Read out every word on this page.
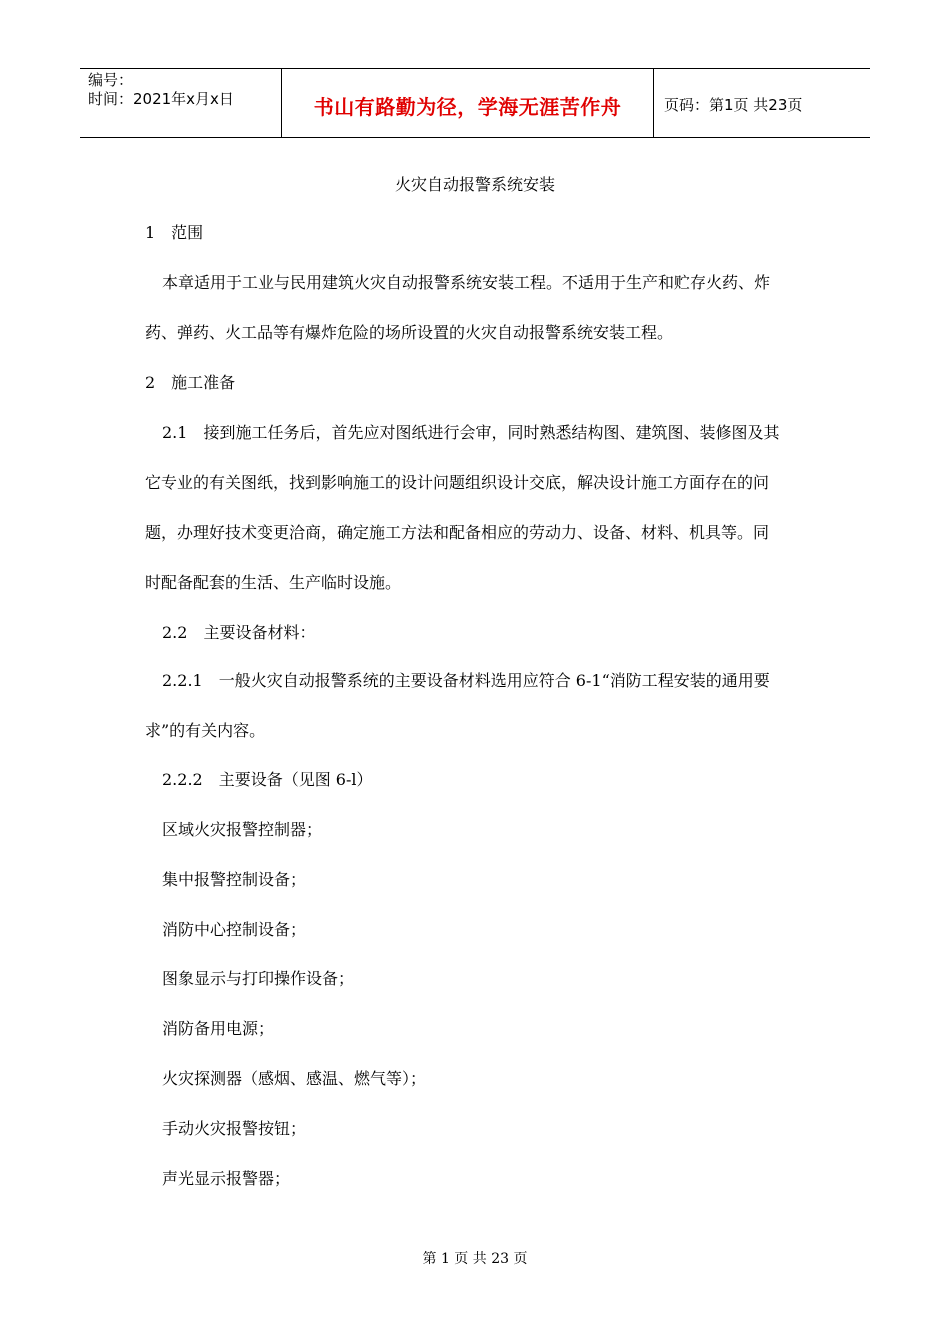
编号：
时间：2021年x月x日	书山有路勤为径，学海无涯苦作舟	页码：第1页 共23页
火灾自动报警系统安装
1　范围
本章适用于工业与民用建筑火灾自动报警系统安装工程。不适用于生产和贮存火药、炸
药、弹药、火工品等有爆炸危险的场所设置的火灾自动报警系统安装工程。
2　施工准备
2.1　接到施工任务后，首先应对图纸进行会审，同时熟悉结构图、建筑图、装修图及其
它专业的有关图纸，找到影响施工的设计问题组织设计交底，解决设计施工方面存在的问
题，办理好技术变更洽商，确定施工方法和配备相应的劳动力、设备、材料、机具等。同
时配备配套的生活、生产临时设施。
2.2　主要设备材料：
2.2.1　一般火灾自动报警系统的主要设备材料选用应符合 6-1“消防工程安装的通用要
求”的有关内容。
2.2.2　主要设备（见图 6-l）
区域火灾报警控制器；
集中报警控制设备；
消防中心控制设备；
图象显示与打印操作设备；
消防备用电源；
火灾探测器（感烟、感温、燃气等）；
手动火灾报警按钮；
声光显示报警器；
第 1 页 共 23 页
